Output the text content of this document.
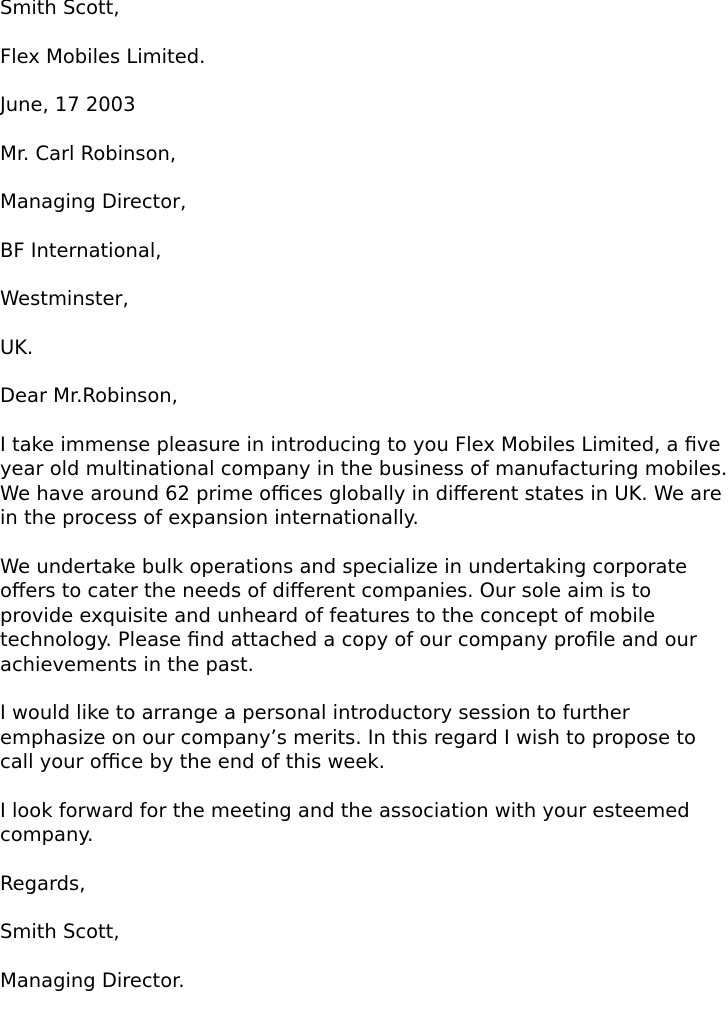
Smith Scott,
Flex Mobiles Limited.
June, 17 2003
Mr. Carl Robinson,
Managing Director,
BF International,
Westminster,
UK.
Dear Mr.Robinson,
I take immense pleasure in introducing to you Flex Mobiles Limited, a five year old multinational company in the business of manufacturing mobiles. We have around 62 prime offices globally in different states in UK. We are in the process of expansion internationally.
We undertake bulk operations and specialize in undertaking corporate offers to cater the needs of different companies. Our sole aim is to provide exquisite and unheard of features to the concept of mobile technology. Please find attached a copy of our company profile and our achievements in the past.
I would like to arrange a personal introductory session to further emphasize on our company’s merits. In this regard I wish to propose to call your office by the end of this week.
I look forward for the meeting and the association with your esteemed company.
Regards,
Smith Scott,
Managing Director.
